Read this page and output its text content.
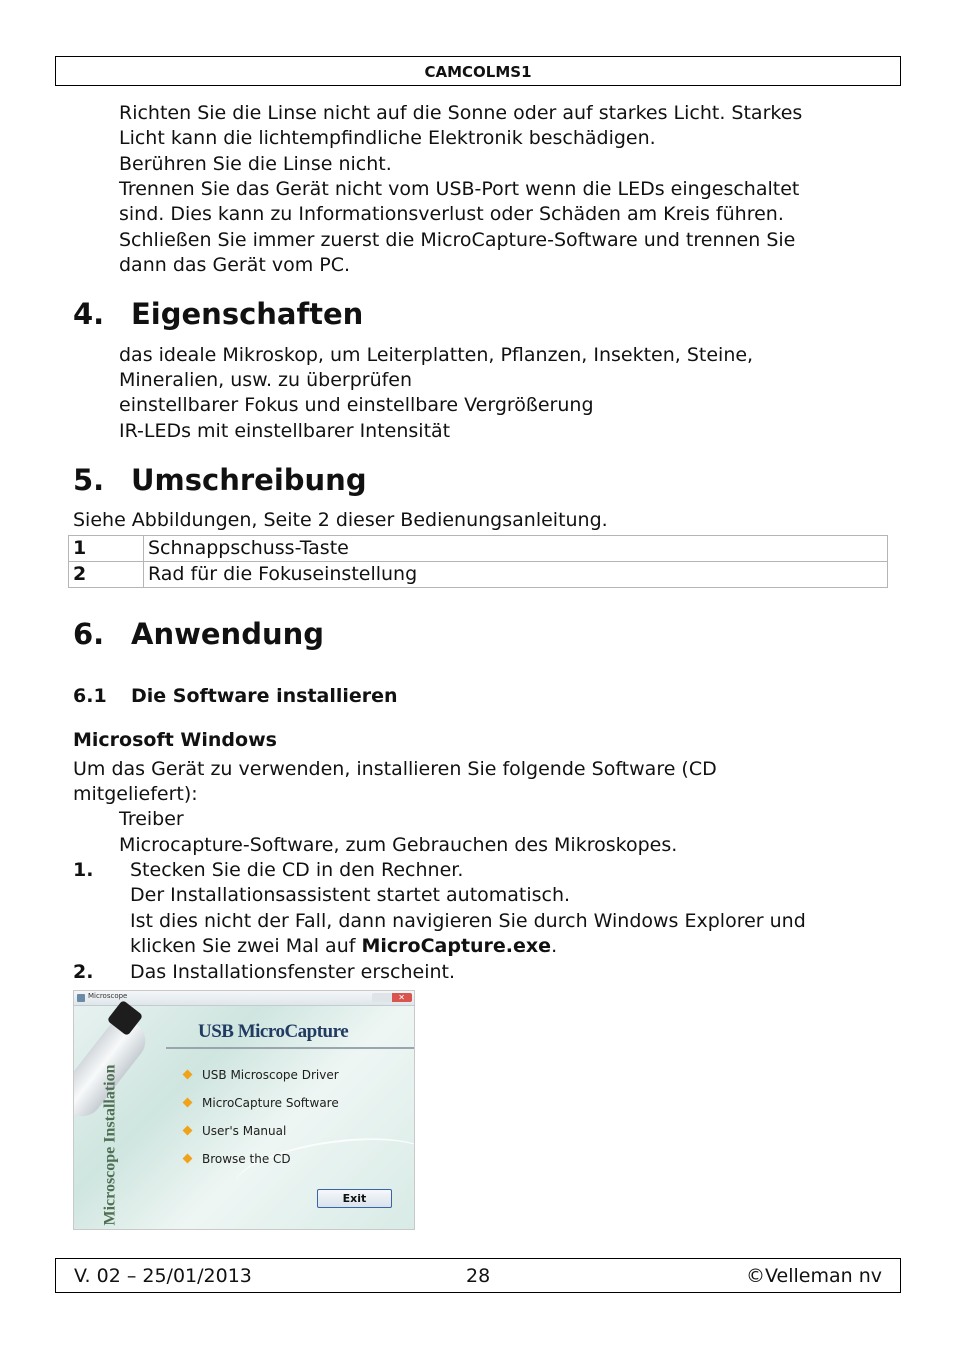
CAMCOLMS1
Richten Sie die Linse nicht auf die Sonne oder auf starkes Licht. Starkes
Licht kann die lichtempfindliche Elektronik beschädigen.
Berühren Sie die Linse nicht.
Trennen Sie das Gerät nicht vom USB-Port wenn die LEDs eingeschaltet
sind. Dies kann zu Informationsverlust oder Schäden am Kreis führen.
Schließen Sie immer zuerst die MicroCapture-Software und trennen Sie
dann das Gerät vom PC.
4. Eigenschaften
das ideale Mikroskop, um Leiterplatten, Pflanzen, Insekten, Steine,
Mineralien, usw. zu überprüfen
einstellbarer Fokus und einstellbare Vergrößerung
IR-LEDs mit einstellbarer Intensität
5. Umschreibung
Siehe Abbildungen, Seite 2 dieser Bedienungsanleitung.
1	Schnappschuss-Taste
2	Rad für die Fokuseinstellung
6. Anwendung
6.1 Die Software installieren
Microsoft Windows
Um das Gerät zu verwenden, installieren Sie folgende Software (CD
mitgeliefert):
Treiber
Microcapture-Software, zum Gebrauchen des Mikroskopes.
1. Stecken Sie die CD in den Rechner.
Der Installationsassistent startet automatisch.
Ist dies nicht der Fall, dann navigieren Sie durch Windows Explorer und
klicken Sie zwei Mal auf MicroCapture.exe.
2. Das Installationsfenster erscheint.
Microscope	✕
Microscope Installation
USB MicroCapture
USB Microscope Driver
MicroCapture Software
User's Manual
Browse the CD
Exit
V. 02 – 25/01/2013	28	©Velleman nv
